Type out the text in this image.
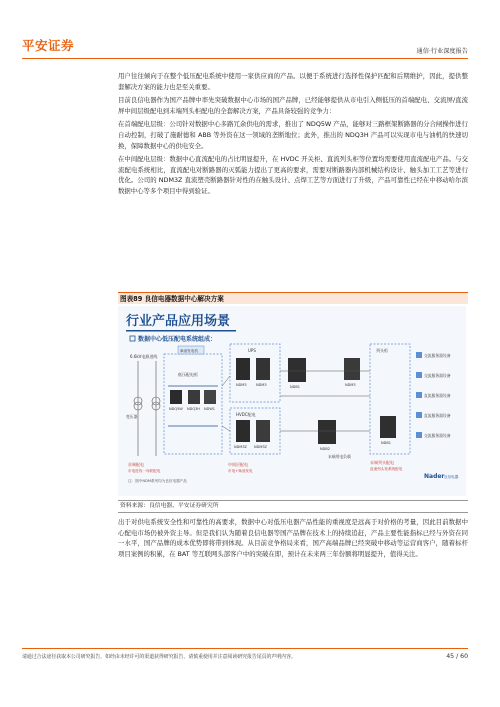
平安证券	通信·行业深度报告

用户往往倾向于在整个低压配电系统中使用一家供应商的产品。以便于系统进行选择性保护匹配和后期维护，因此，提供整套解决方案的能力也是至关重要。

目前良信电器作为国产品牌中率先突破数据中心市场的国产品牌，已经能够提供从市电引入侧低压的首端配电、交流屏/直流屏中间层级配电到末端列头柜配电的全套解决方案，产品具备较强的竞争力：

在首端配电层级：公司针对数据中心多路冗余供电的需求，推出了 NDQ5W 产品，能够对三路框架断路器的分合闸操作进行自动控制，打破了施耐德和 ABB 等外资在这一领域的垄断地位；此外，推出的 NDQ3H 产品可以实现市电与油机的快速切换，保障数据中心的供电安全。

在中间配电层级：数据中心直流配电的占比明显提升，在 HVDC 开关柜、直流列头柜等位置均需要使用直流配电产品。与交流配电系统相比，直流配电对断路器的灭弧能力提出了更高的要求，需要对断路器内部机械结构设计、触头加工工艺等进行优化。公司的 NDM3Z 直流塑壳断路器针对性的在触头设计、点焊工艺等方面进行了升级，产品可靠性已经在中移动哈尔滨数据中心等多个项目中得到验证。

图表89 良信电器数据中心解决方案
行业产品应用场景
数据中心低压配电系统组成：
6.6kV电源进线
变压器
低压配电柜
NDQ5W NDQ3H NDW1
柴油发电机	UPS
NDM3	NDM3
HVDC配电
NDM3Z NDM3Z
NDB1
NDB2
NDM3
列头柜
NDB1
交流服务器设备
交流服务器设备
直流服务器设备
直流服务器设备
交流服务器设备
首端配电
市电进线一母联配电
中间层配电
市电+柴油发电
末端列头配电
直流列头柜系统配电
末端用电负载
注：图中NDM系列均为良信电器产品
Nader 良信电器
资料来源：良信电器、平安证券研究所

出于对供电系统安全性和可靠性的高要求，数据中心对低压电器产品性能的重视度是远高于对价格的考量，因此目前数据中心配电市场仍被外资主导。但是我们认为随着良信电器等国产品牌在技术上的持续追赶，产品主要性能指标已经与外资在同一水平，国产品牌的成本优势即将带到体现。从目前竞争格局来看，国产高端品牌已经突破中移动等运营商客户，随着标杆项目案例的积累，在 BAT 等互联网头部客户中的突破在即，预计在未来两三年份额将明显提升，值得关注。

请通过合法途径获取本公司研究报告，如经由未经许可的渠道获得研究报告，请慎重使用并注意阅读研究报告尾页的声明内容。	45 / 60
